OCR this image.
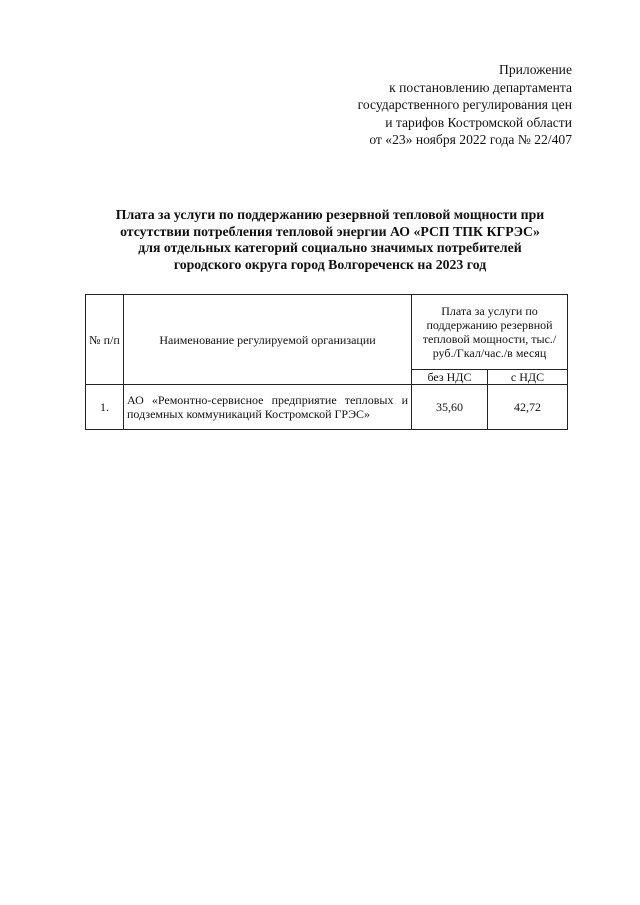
Приложение
к постановлению департамента
государственного регулирования цен
и тарифов Костромской области
от «23» ноября 2022 года № 22/407
Плата за услуги по поддержанию резервной тепловой мощности при
отсутствии потребления тепловой энергии АО «РСП ТПК КГРЭС»
для отдельных категорий социально значимых потребителей
городского округа город Волгореченск на 2023 год
№ п/п	Наименование регулируемой организации	Плата за услуги по поддержанию резервной тепловой мощности, тыс./руб./Гкал/час./в месяц	
		без НДС	с НДС
1.	АО «Ремонтно-сервисное предприятие тепловых и подземных коммуникаций Костромской ГРЭС»	35,60	42,72
